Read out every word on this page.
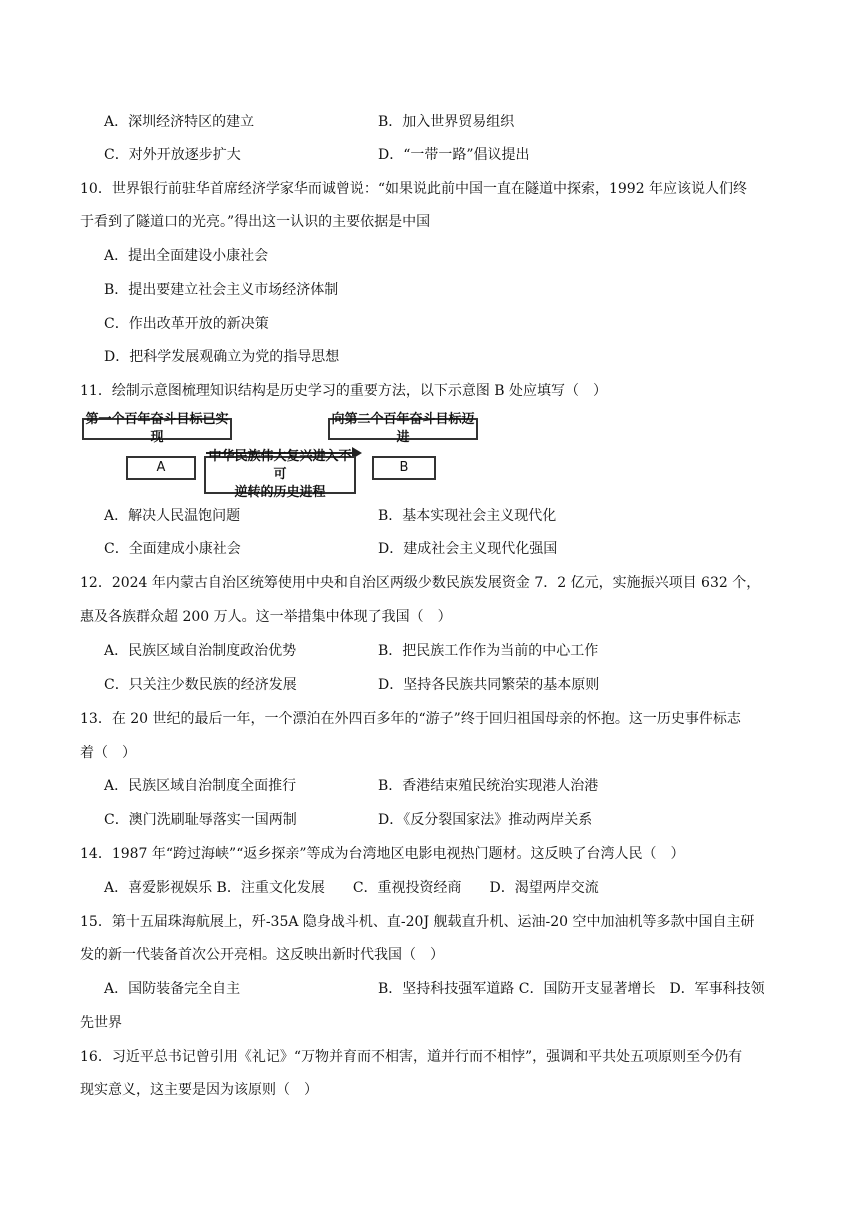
A．深圳经济特区的建立	B．加入世界贸易组织
C．对外开放逐步扩大	D．“一带一路”倡议提出
10．世界银行前驻华首席经济学家华而诚曾说：“如果说此前中国一直在隧道中探索，1992 年应该说人们终
于看到了隧道口的光亮。”得出这一认识的主要依据是中国
A．提出全面建设小康社会
B．提出要建立社会主义市场经济体制
C．作出改革开放的新决策
D．把科学发展观确立为党的指导思想
11．绘制示意图梳理知识结构是历史学习的重要方法，以下示意图 B 处应填写（　）
第一个百年奋斗目标已实现
向第二个百年奋斗目标迈进
A
中华民族伟大复兴进入不可
逆转的历史进程
B
A．解决人民温饱问题	B．基本实现社会主义现代化
C．全面建成小康社会	D．建成社会主义现代化强国
12．2024 年内蒙古自治区统筹使用中央和自治区两级少数民族发展资金 7．2 亿元，实施振兴项目 632 个，
惠及各族群众超 200 万人。这一举措集中体现了我国（　）
A．民族区域自治制度政治优势	B．把民族工作作为当前的中心工作
C．只关注少数民族的经济发展	D．坚持各民族共同繁荣的基本原则
13．在 20 世纪的最后一年，一个漂泊在外四百多年的“游子”终于回归祖国母亲的怀抱。这一历史事件标志
着（　）
A．民族区域自治制度全面推行	B．香港结束殖民统治实现港人治港
C．澳门洗刷耻辱落实一国两制	D．《反分裂国家法》推动两岸关系
14．1987 年“跨过海峡”“返乡探亲”等成为台湾地区电影电视热门题材。这反映了台湾人民（　）
A．喜爱影视娱乐 B．注重文化发展　　C．重视投资经商　　D．渴望两岸交流
15．第十五届珠海航展上，歼-35A 隐身战斗机、直-20J 舰载直升机、运油-20 空中加油机等多款中国自主研
发的新一代装备首次公开亮相。这反映出新时代我国（　）
A．国防装备完全自主	B．坚持科技强军道路 C．国防开支显著增长　D．军事科技领
先世界
16．习近平总书记曾引用《礼记》“万物并育而不相害，道并行而不相悖”，强调和平共处五项原则至今仍有
现实意义，这主要是因为该原则（　）
